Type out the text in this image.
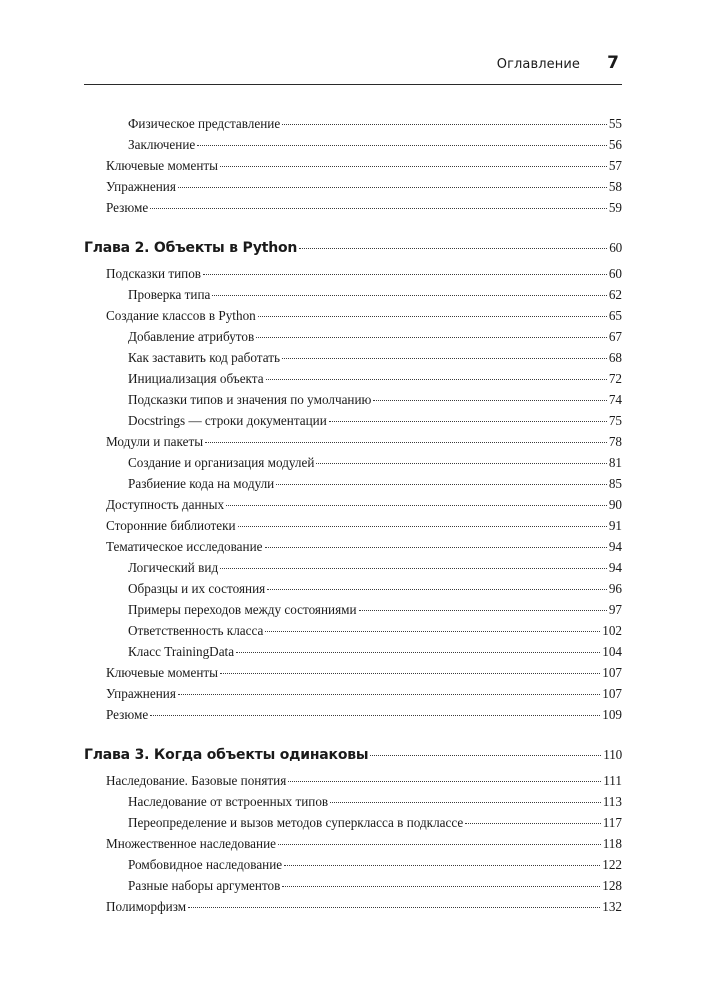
Оглавление 7
Физическое представление	55
Заключение	56
Ключевые моменты	57
Упражнения	58
Резюме	59
Глава 2. Объекты в Python	60
Подсказки типов	60
Проверка типа	62
Создание классов в Python	65
Добавление атрибутов	67
Как заставить код работать	68
Инициализация объекта	72
Подсказки типов и значения по умолчанию	74
Docstrings — строки документации	75
Модули и пакеты	78
Создание и организация модулей	81
Разбиение кода на модули	85
Доступность данных	90
Сторонние библиотеки	91
Тематическое исследование	94
Логический вид	94
Образцы и их состояния	96
Примеры переходов между состояниями	97
Ответственность класса	102
Класс TrainingData	104
Ключевые моменты	107
Упражнения	107
Резюме	109
Глава 3. Когда объекты одинаковы	110
Наследование. Базовые понятия	111
Наследование от встроенных типов	113
Переопределение и вызов методов суперкласса в подклассе	117
Множественное наследование	118
Ромбовидное наследование	122
Разные наборы аргументов	128
Полиморфизм	132
